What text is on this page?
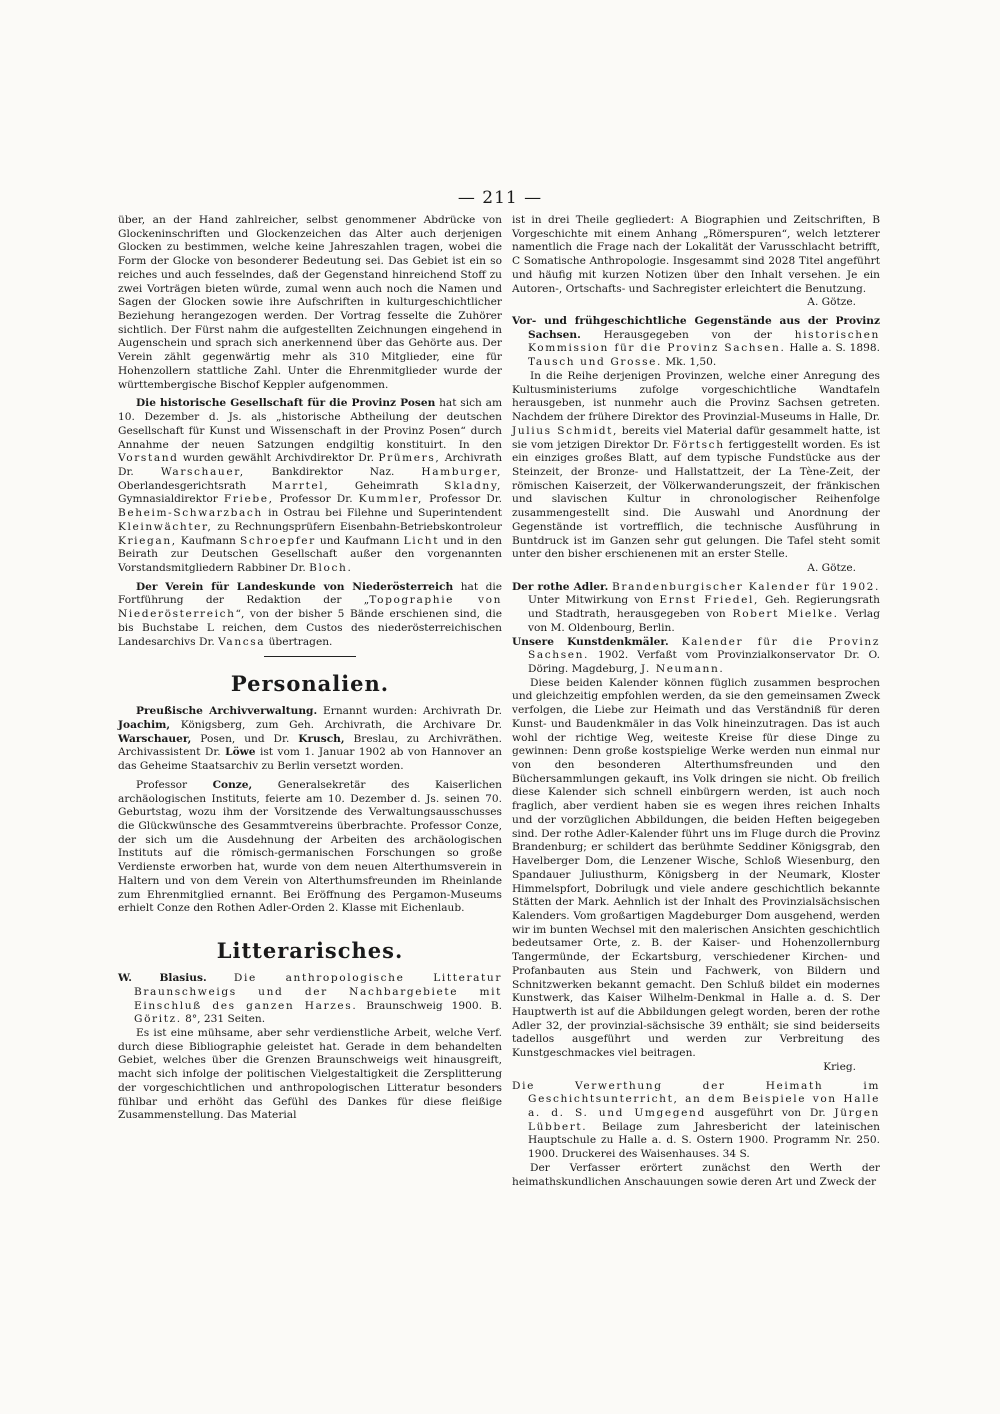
— 211 —

über, an der Hand zahlreicher, selbst genommener Abdrücke von Glockeninschriften und Glockenzeichen das Alter auch derjenigen Glocken zu bestimmen, welche keine Jahreszahlen tragen, wobei die Form der Glocke von besonderer Bedeutung sei. Das Gebiet ist ein so reiches und auch fesselndes, daß der Gegenstand hinreichend Stoff zu zwei Vorträgen bieten würde, zumal wenn auch noch die Namen und Sagen der Glocken sowie ihre Aufschriften in kulturgeschichtlicher Beziehung herangezogen werden. Der Vortrag fesselte die Zuhörer sichtlich. Der Fürst nahm die aufgestellten Zeichnungen eingehend in Augenschein und sprach sich anerkennend über das Gehörte aus. Der Verein zählt gegenwärtig mehr als 310 Mitglieder, eine für Hohenzollern stattliche Zahl. Unter die Ehrenmitglieder wurde der württembergische Bischof Keppler aufgenommen.

Die historische Gesellschaft für die Provinz Posen hat sich am 10. Dezember d. Js. als „historische Abtheilung der deutschen Gesellschaft für Kunst und Wissenschaft in der Provinz Posen“ durch Annahme der neuen Satzungen endgiltig konstituirt. In den Vorstand wurden gewählt Archivdirektor Dr. Prümers, Archivrath Dr.	Warschauer,	Bankdirektor Naz.	Hamburger, Oberlandesgerichtsrath Marrtel, Geheimrath Skladny, Gymnasialdirektor Friebe, Professor Dr. Kummler, Professor Dr. Beheim-Schwarzbach in Ostrau bei Filehne und Superintendent Kleinwächter, zu Rechnungsprüfern Eisenbahn-Betriebskontroleur Kriegan, Kaufmann Schroepfer und Kaufmann Licht und in den Beirath zur Deutschen Gesellschaft außer den vorgenannten Vorstandsmitgliedern Rabbiner Dr. Bloch.

Der Verein für Landeskunde von Niederösterreich hat die Fortführung der Redaktion der „Topographie von Niederösterreich“, von der bisher 5 Bände erschienen sind, die bis Buchstabe L reichen, dem Custos des niederösterreichischen Landesarchivs Dr. Vancsa übertragen.

Personalien.

Preußische Archivverwaltung. Ernannt wurden: Archivrath Dr. Joachim, Königsberg, zum Geh. Archivrath, die Archivare Dr. Warschauer, Posen, und Dr. Krusch, Breslau, zu Archivräthen. Archivassistent Dr. Löwe ist vom 1. Januar 1902 ab von Hannover an das Geheime Staatsarchiv zu Berlin versetzt worden.

Professor Conze, Generalsekretär des Kaiserlichen archäologischen Instituts, feierte am 10. Dezember d. Js. seinen 70. Geburtstag, wozu ihm der Vorsitzende des Verwaltungsausschusses die Glückwünsche des Gesammtvereins überbrachte. Professor Conze, der sich um die Ausdehnung der Arbeiten des archäologischen Instituts auf die römisch-germanischen Forschungen so große Verdienste erworben hat, wurde von dem neuen Alterthumsverein in Haltern und von dem Verein von Alterthumsfreunden im Rheinlande zum Ehrenmitglied ernannt. Bei Eröffnung des Pergamon-Museums erhielt Conze den Rothen Adler-Orden 2. Klasse mit Eichenlaub.

Litterarisches.

W. Blasius.	Die anthropologische Litteratur Braunschweigs und der Nachbargebiete mit Einschluß des ganzen Harzes. Braunschweig 1900. B. Göritz. 8°, 231 Seiten.

Es ist eine mühsame, aber sehr verdienstliche Arbeit, welche Verf. durch diese Bibliographie geleistet hat. Gerade in dem behandelten Gebiet, welches über die Grenzen Braunschweigs weit hinausgreift, macht sich infolge der politischen Vielgestaltigkeit die Zersplitterung der vorgeschichtlichen und anthropologischen Litteratur besonders fühlbar und erhöht das Gefühl des Dankes für diese fleißige Zusammenstellung. Das Material

ist in drei Theile gegliedert: A Biographien und Zeitschriften, B Vorgeschichte mit einem Anhang „Römerspuren“, welch letzterer namentlich die Frage nach der Lokalität der Varusschlacht betrifft, C Somatische Anthropologie. Insgesammt sind 2028 Titel angeführt und häufig mit kurzen Notizen über den Inhalt versehen. Je ein Autoren-, Ortschafts- und Sachregister erleichtert die Benutzung.

A. Götze.

Vor- und frühgeschichtliche Gegenstände aus der Provinz Sachsen. Herausgegeben von der historischen Kommission für die Provinz Sachsen. Halle a. S. 1898. Tausch und Grosse. Mk. 1,50.

In die Reihe derjenigen Provinzen, welche einer Anregung des Kultusministeriums zufolge vorgeschichtliche Wandtafeln herausgeben, ist nunmehr auch die Provinz Sachsen getreten. Nachdem der frühere Direktor des Provinzial-Museums in Halle, Dr. Julius Schmidt, bereits viel Material dafür gesammelt hatte, ist sie vom jetzigen Direktor Dr. Förtsch fertiggestellt worden. Es ist ein einziges großes Blatt, auf dem typische Fundstücke aus der Steinzeit, der Bronze- und Hallstattzeit, der La Tène-Zeit, der römischen Kaiserzeit, der Völkerwanderungszeit, der fränkischen und slavischen Kultur in chronologischer Reihenfolge zusammengestellt sind. Die Auswahl und Anordnung der Gegenstände ist vortrefflich, die technische Ausführung in Buntdruck ist im Ganzen sehr gut gelungen. Die Tafel steht somit unter den bisher erschienenen mit an erster Stelle.

A. Götze.

Der rothe Adler. Brandenburgischer Kalender für 1902. Unter Mitwirkung von Ernst Friedel, Geh. Regierungsrath und Stadtrath, herausgegeben von Robert Mielke. Verlag von M. Oldenbourg, Berlin.

Unsere Kunstdenkmäler. Kalender für die Provinz Sachsen. 1902. Verfaßt vom Provinzialkonservator Dr. O. Döring. Magdeburg, J. Neumann.

Diese beiden Kalender können füglich zusammen besprochen und gleichzeitig empfohlen werden, da sie den gemeinsamen Zweck verfolgen, die Liebe zur Heimath und das Verständniß für deren Kunst- und Baudenkmäler in das Volk hineinzutragen. Das ist auch wohl der richtige Weg, weiteste Kreise für diese Dinge zu gewinnen: Denn große kostspielige Werke werden nun einmal nur von den besonderen Alterthumsfreunden und den Büchersammlungen gekauft, ins Volk dringen sie nicht. Ob freilich diese Kalender sich schnell einbürgern werden, ist auch noch fraglich, aber verdient haben sie es wegen ihres reichen Inhalts und der vorzüglichen Abbildungen, die beiden Heften beigegeben sind. Der rothe Adler-Kalender führt uns im Fluge durch die Provinz Brandenburg; er schildert das berühmte Seddiner Königsgrab, den Havelberger Dom, die Lenzener Wische, Schloß Wiesenburg, den Spandauer Juliusthurm, Königsberg in der Neumark, Kloster Himmelspfort, Dobrilugk und viele andere geschichtlich bekannte Stätten der Mark. Aehnlich ist der Inhalt des Provinzialsächsischen Kalenders. Vom großartigen Magdeburger Dom ausgehend, werden wir im bunten Wechsel mit den malerischen Ansichten geschichtlich bedeutsamer Orte, z. B. der Kaiser- und Hohenzollernburg Tangermünde, der Eckartsburg, verschiedener Kirchen- und Profanbauten aus Stein und Fachwerk, von Bildern und Schnitzwerken bekannt gemacht. Den Schluß bildet ein modernes Kunstwerk, das Kaiser Wilhelm-Denkmal in Halle a. d. S. Der Hauptwerth ist auf die Abbildungen gelegt worden, beren der rothe Adler 32, der provinzial-sächsische 39 enthält; sie sind beiderseits tadellos ausgeführt und werden zur Verbreitung des Kunstgeschmackes viel beitragen.

Krieg.

Die Verwerthung der Heimath im Geschichtsunterricht, an dem Beispiele von Halle a. d. S. und Umgegend ausgeführt von Dr. Jürgen Lübbert. Beilage zum Jahresbericht der lateinischen Hauptschule zu Halle a. d. S. Ostern 1900. Programm Nr. 250. 1900. Druckerei des Waisenhauses. 34 S.

Der Verfasser erörtert zunächst den Werth der heimathskundlichen Anschauungen sowie deren Art und Zweck der
